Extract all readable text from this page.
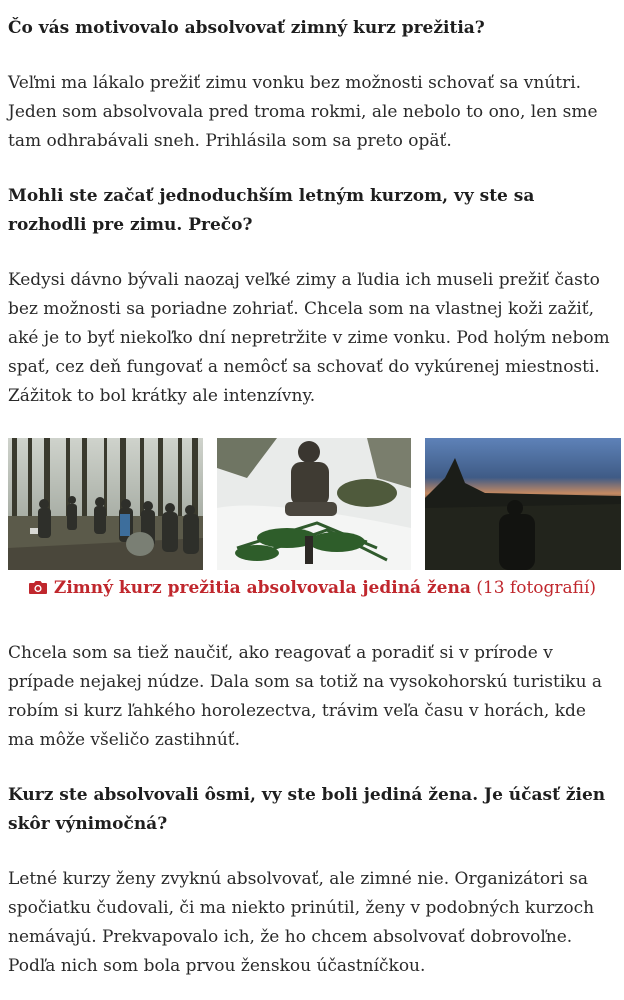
Čo vás motivovalo absolvovať zimný kurz prežitia?

Veľmi ma lákalo prežiť zimu vonku bez možnosti schovať sa vnútri. Jeden som absolvovala pred troma rokmi, ale nebolo to ono, len sme tam odhrabávali sneh. Prihlásila som sa preto opäť.

Mohli ste začať jednoduchším letným kurzom, vy ste sa rozhodli pre zimu. Prečo?

Kedysi dávno bývali naozaj veľké zimy a ľudia ich museli prežiť často bez možnosti sa poriadne zohriať. Chcela som na vlastnej koži zažiť, aké je to byť niekoľko dní nepretržite v zime vonku. Pod holým nebom spať, cez deň fungovať a nemôcť sa schovať do vykúrenej miestnosti. Zážitok to bol krátky ale intenzívny.

Zimný kurz prežitia absolvovala jediná žena (13 fotografií)

Chcela som sa tiež naučiť, ako reagovať a poradiť si v prírode v prípade nejakej núdze. Dala som sa totiž na vysokohorskú turistiku a robím si kurz ľahkého horolezectva, trávim veľa času v horách, kde ma môže všeličo zastihnúť.

Kurz ste absolvovali ôsmi, vy ste boli jediná žena. Je účasť žien skôr výnimočná?

Letné kurzy ženy zvyknú absolvovať, ale zimné nie. Organizátori sa spočiatku čudovali, či ma niekto prinútil, ženy v podobných kurzoch nemávajú. Prekvapovalo ich, že ho chcem absolvovať dobrovoľne. Podľa nich som bola prvou ženskou účastníčkou.
